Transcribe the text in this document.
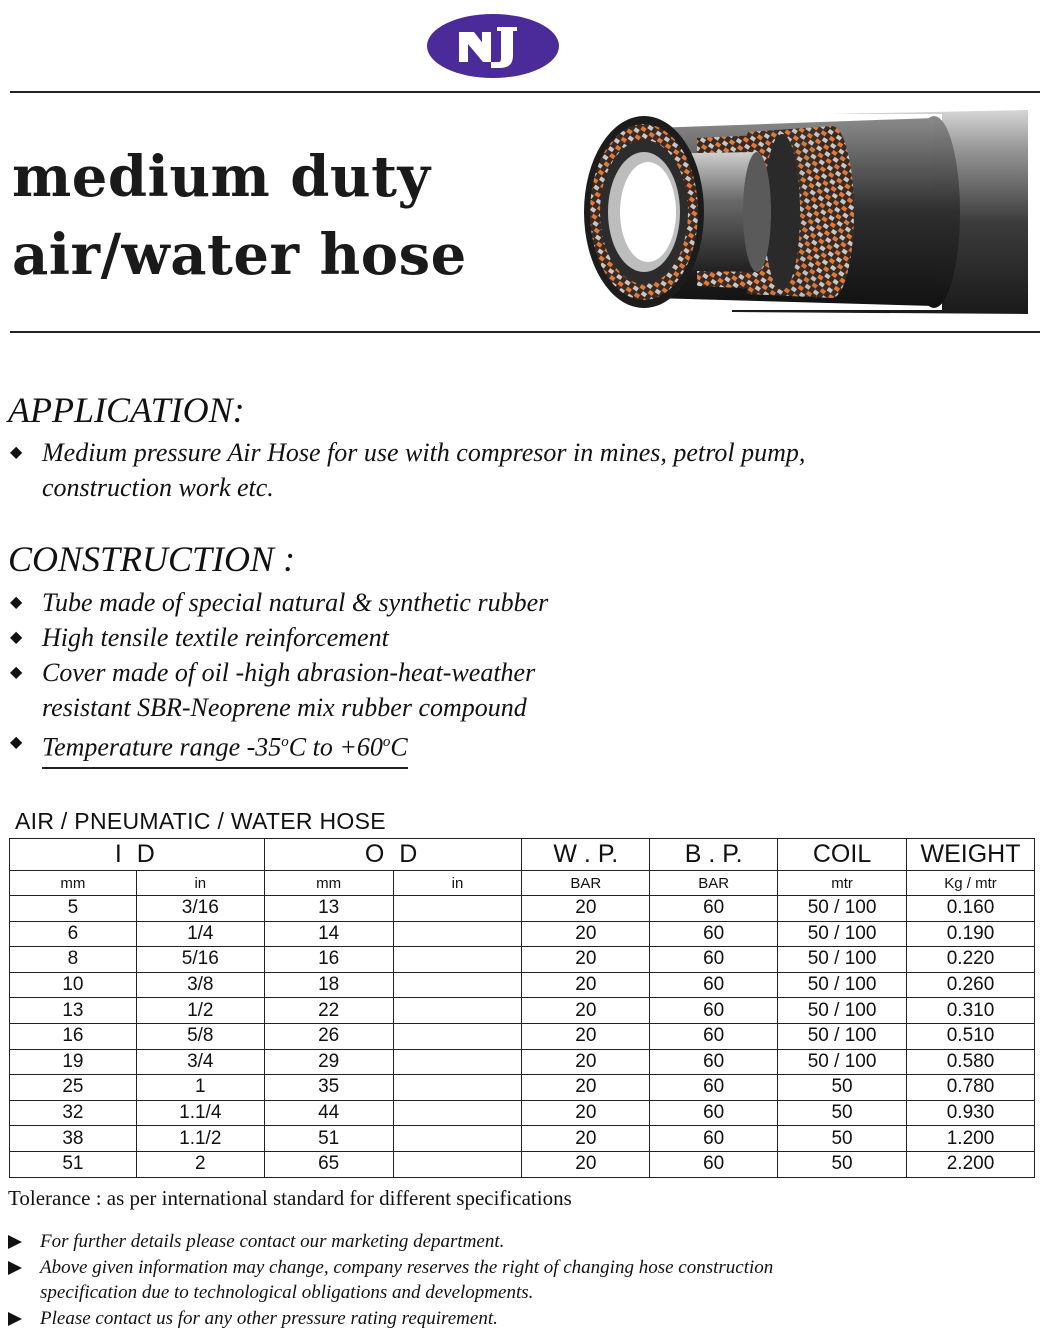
medium duty
air/water hose
APPLICATION:
◆ Medium pressure Air Hose for use with compresor in mines, petrol pump,
construction work etc.
CONSTRUCTION :
◆ Tube made of special natural & synthetic rubber
◆ High tensile textile reinforcement
◆ Cover made of oil -high abrasion-heat-weather
resistant SBR-Neoprene mix rubber compound
◆ Temperature range -35$^o$C to $+60^oC$
AIR / PNEUMATIC / WATER HOSE
I D		O D		W . P.	B . P.	COIL	WEIGHT
mm	in	mm	in	BAR	BAR	mtr	Kg / mtr
5	3/16	13		20	60	50 / 100	0.160
6	1/4	14		20	60	50 / 100	0.190
8	5/16	16		20	60	50 / 100	0.220
10	3/8	18		20	60	50 / 100	0.260
13	1/2	22		20	60	50 / 100	0.310
16	5/8	26		20	60	50 / 100	0.510
19	3/4	29		20	60	50 / 100	0.580
25	1	35		20	60	50	0.780
32	1.1/4	44		20	60	50	0.930
38	1.1/2	51		20	60	50	1.200
51	2	65		20	60	50	2.200
Tolerance : as per international standard for different specifications
For further details please contact our marketing department.
Above given information may change, company reserves the right of changing hose construction
specification due to technological obligations and developments.
Please contact us for any other pressure rating requirement.
